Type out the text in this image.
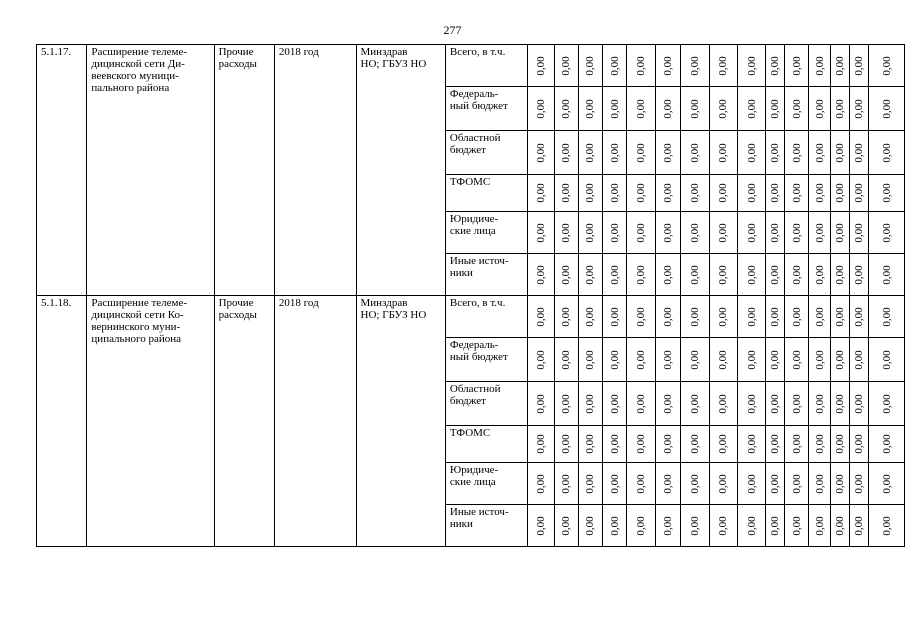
277
5.1.17.	Расширение телеме-
дицинской сети Ди-
веевского муници-
пального района	Прочие
расходы	2018 год	Минздрав
НО; ГБУЗ НО	Всего, в т.ч.	0,00	0,00	0,00	0,00	0,00	0,00	0,00	0,00	0,00	0,00	0,00	0,00	0,00	0,00	0,00

					Федераль-
ный бюджет	0,00	0,00	0,00	0,00	0,00	0,00	0,00	0,00	0,00	0,00	0,00	0,00	0,00	0,00	0,00

					Областной
бюджет	0,00	0,00	0,00	0,00	0,00	0,00	0,00	0,00	0,00	0,00	0,00	0,00	0,00	0,00	0,00

					ТФОМС	0,00	0,00	0,00	0,00	0,00	0,00	0,00	0,00	0,00	0,00	0,00	0,00	0,00	0,00	0,00

					Юридиче-
ские лица	0,00	0,00	0,00	0,00	0,00	0,00	0,00	0,00	0,00	0,00	0,00	0,00	0,00	0,00	0,00

					Иные источ-
ники	0,00	0,00	0,00	0,00	0,00	0,00	0,00	0,00	0,00	0,00	0,00	0,00	0,00	0,00	0,00

5.1.18.	Расширение телеме-
дицинской сети Ко-
вернинского муни-
ципального района	Прочие
расходы	2018 год	Минздрав
НО; ГБУЗ НО	Всего, в т.ч.	0,00	0,00	0,00	0,00	0,00	0,00	0,00	0,00	0,00	0,00	0,00	0,00	0,00	0,00	0,00

					Федераль-
ный бюджет	0,00	0,00	0,00	0,00	0,00	0,00	0,00	0,00	0,00	0,00	0,00	0,00	0,00	0,00	0,00

					Областной
бюджет	0,00	0,00	0,00	0,00	0,00	0,00	0,00	0,00	0,00	0,00	0,00	0,00	0,00	0,00	0,00

					ТФОМС	0,00	0,00	0,00	0,00	0,00	0,00	0,00	0,00	0,00	0,00	0,00	0,00	0,00	0,00	0,00

					Юридиче-
ские лица	0,00	0,00	0,00	0,00	0,00	0,00	0,00	0,00	0,00	0,00	0,00	0,00	0,00	0,00	0,00

					Иные источ-
ники	0,00	0,00	0,00	0,00	0,00	0,00	0,00	0,00	0,00	0,00	0,00	0,00	0,00	0,00	0,00
